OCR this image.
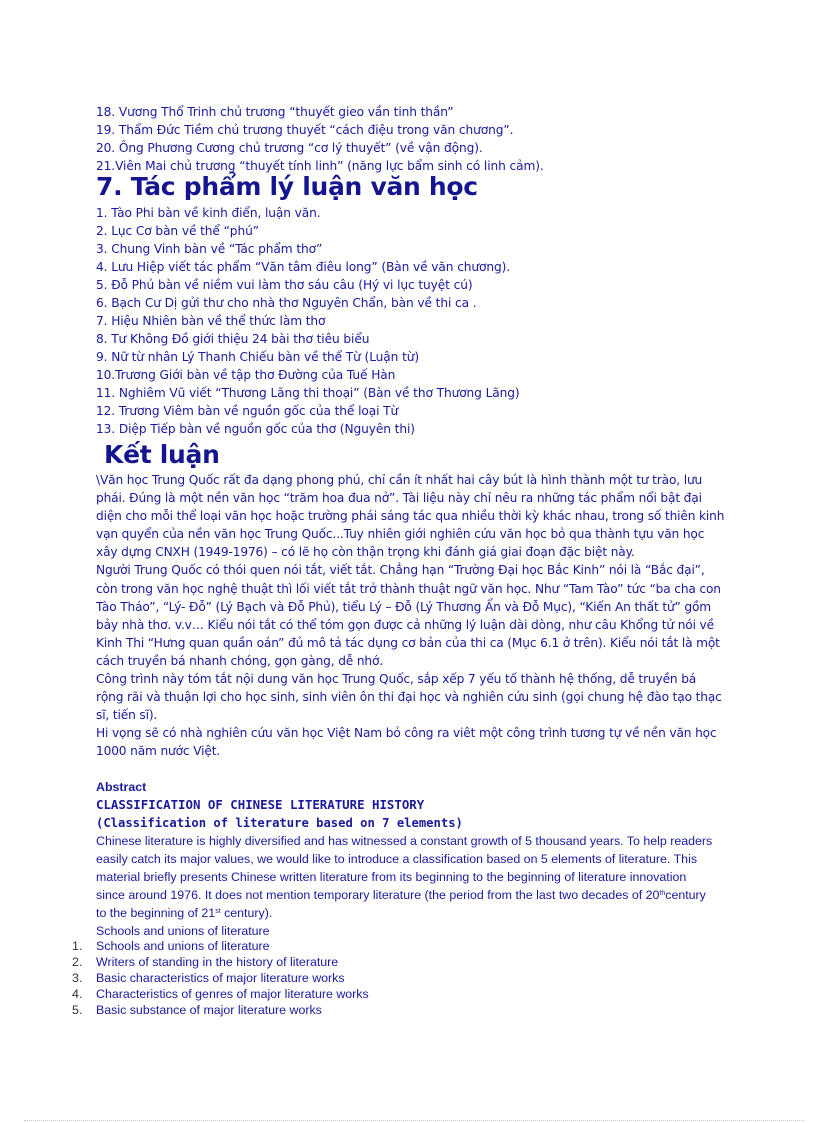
18. Vương Thổ Trinh chủ trương “thuyết gieo vần tinh thần”
19. Thẩm Đức Tiềm chủ trương thuyết “cách điệu trong văn chương”.
20. Ông Phương Cương chủ trương “cơ lý thuyết” (về vận động).
21.Viên Mai chủ trương “thuyết tính linh” (năng lực bẩm sinh có linh cảm).
7. Tác phẩm lý luận văn học
1. Tào Phi bàn về kinh điển, luận văn.
2. Lục Cơ bàn về thể “phú”
3. Chung Vinh bàn về “Tác phẩm thơ”
4. Lưu Hiệp viết tác phẩm “Văn tâm điêu long” (Bàn về văn chương).
5. Đỗ Phủ bàn về niềm vui làm thơ sáu câu (Hý vi lục tuyệt cú)
6. Bạch Cư Dị gửi thư cho nhà thơ Nguyên Chẩn, bàn về thi ca .
7. Hiệu Nhiên bàn về thể thức làm thơ
8. Tư Không Đồ giới thiệu 24 bài thơ tiêu biểu
9. Nữ từ nhân Lý Thanh Chiếu bàn về thể Từ (Luận từ)
10.Trương Giới bàn về tập thơ Đường của Tuế Hàn
11. Nghiêm Vũ viết “Thương Lãng thi thoại” (Bàn về thơ Thương Lãng)
12. Trương Viêm bàn về nguồn gốc của thể loại Từ
13. Diệp Tiếp bàn về nguồn gốc của thơ (Nguyên thi)
Kết luận

\Văn học Trung Quốc rất đa dạng phong phú, chỉ cần ít nhất hai cây bút là hình thành một tư trào, lưu phái. Đúng là một nền văn học “trăm hoa đua nở”. Tài liệu này chỉ nêu ra những tác phẩm nổi bật đại diện cho mỗi thể loại văn học hoặc trường phái sáng tác qua nhiều thời kỳ khác nhau, trong số thiên kinh vạn quyển của nền văn học Trung Quốc...Tuy nhiên giới nghiên cứu văn học bỏ qua thành tựu văn học xây dựng CNXH (1949-1976) – có lẽ họ còn thận trọng khi đánh giá giai đoạn đặc biệt này.

Người Trung Quốc có thói quen nói tắt, viết tắt. Chẳng hạn “Trường Đại học Bắc Kinh” nói là “Bắc đại”, còn trong văn học nghệ thuật thì lối viết tắt trở thành thuật ngữ văn học. Như “Tam Tào” tức “ba cha con Tào Tháo”, “Lý- Đỗ” (Lý Bạch và Đỗ Phủ), tiểu Lý – Đỗ (Lý Thương Ẩn và Đỗ Mục), “Kiến An thất tử” gồm bảy nhà thơ. v.v… Kiểu nói tắt có thể tóm gọn được cả những lý luận dài dòng, như câu Khổng tử nói về Kinh Thi “Hưng quan quần oán” đủ mô tả tác dụng cơ bản của thi ca (Mục 6.1 ở trên). Kiểu nói tắt là một cách truyền bá nhanh chóng, gọn gàng, dễ nhớ.

Công trình này tóm tắt nội dung văn học Trung Quốc, sắp xếp 7 yếu tố thành hệ thống, dễ truyền bá rộng rãi và thuận lợi cho học sinh, sinh viên ôn thi đại học và nghiên cứu sinh (gọi chung hệ đào tạo thạc sĩ, tiến sĩ).

Hi vọng sẽ có nhà nghiên cứu văn học Việt Nam bỏ công ra viêt một công trình tương tự về nền văn học 1000 năm nước Việt.

Abstract

CLASSIFICATION OF CHINESE LITERATURE HISTORY

(Classification of literature based on 7 elements)

Chinese literature is highly diversified and has witnessed a constant growth of 5 thousand years. To help readers easily catch its major values, we would like to introduce a classification based on 5 elements of literature. This material briefly presents Chinese written literature from its beginning to the beginning of literature innovation since around 1976. It does not mention temporary literature (the period from the last two decades of 20thcentury to the beginning of 21st century).

Schools and unions of literature

1. Schools and unions of literature
2. Writers of standing in the history of literature
3. Basic characteristics of major literature works
4. Characteristics of genres of major literature works
5. Basic substance of major literature works
